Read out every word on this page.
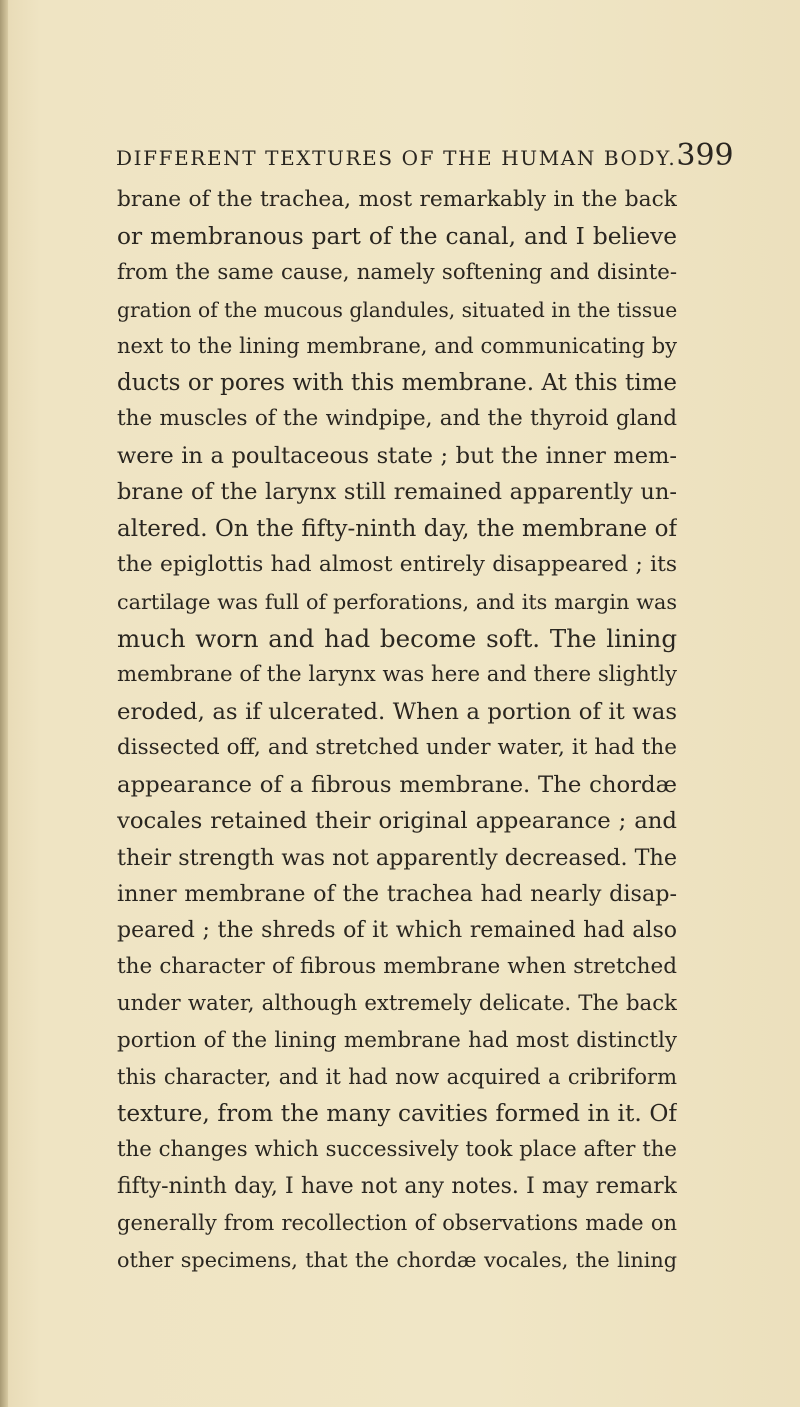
DIFFERENT TEXTURES OF THE HUMAN BODY. 399
brane of the trachea, most remarkably in the back
or membranous part of the canal, and I believe
from the same cause, namely softening and disinte-
gration of the mucous glandules, situated in the tissue
next to the lining membrane, and communicating by
ducts or pores with this membrane. At this time
the muscles of the windpipe, and the thyroid gland
were in a poultaceous state ; but the inner mem-
brane of the larynx still remained apparently un-
altered. On the fifty-ninth day, the membrane of
the epiglottis had almost entirely disappeared ; its
cartilage was full of perforations, and its margin was
much worn and had become soft. The lining
membrane of the larynx was here and there slightly
eroded, as if ulcerated. When a portion of it was
dissected off, and stretched under water, it had the
appearance of a fibrous membrane. The chordæ
vocales retained their original appearance ; and
their strength was not apparently decreased. The
inner membrane of the trachea had nearly disap-
peared ; the shreds of it which remained had also
the character of fibrous membrane when stretched
under water, although extremely delicate. The back
portion of the lining membrane had most distinctly
this character, and it had now acquired a cribriform
texture, from the many cavities formed in it. Of
the changes which successively took place after the
fifty-ninth day, I have not any notes. I may remark
generally from recollection of observations made on
other specimens, that the chordæ vocales, the lining
